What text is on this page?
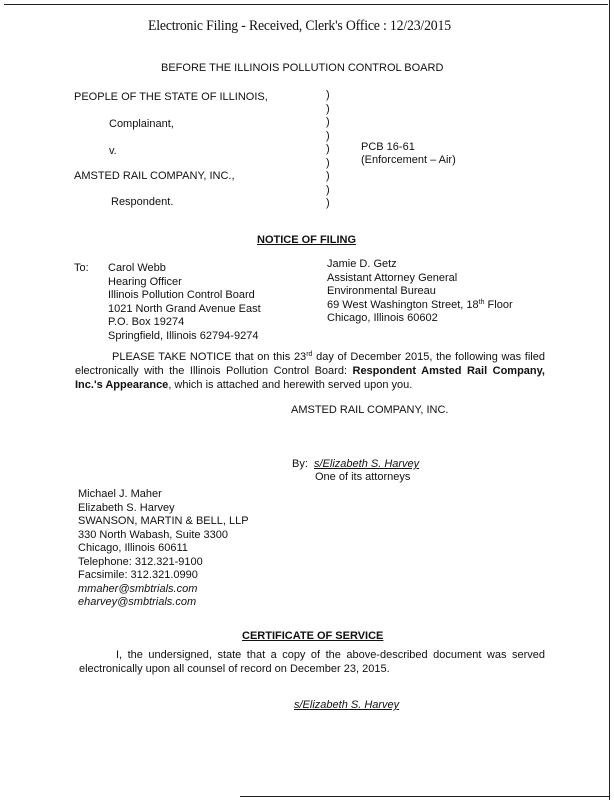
Electronic Filing - Received, Clerk's Office : 12/23/2015
BEFORE THE ILLINOIS POLLUTION CONTROL BOARD
PEOPLE OF THE STATE OF ILLINOIS,
Complainant,
v.
AMSTED RAIL COMPANY, INC.,
Respondent.
)
)
)
)
)
)
)
)
)
PCB 16-61
(Enforcement – Air)
NOTICE OF FILING
To: Carol Webb
Hearing Officer
Illinois Pollution Control Board
1021 North Grand Avenue East
P.O. Box 19274
Springfield, Illinois 62794-9274
Jamie D. Getz
Assistant Attorney General
Environmental Bureau
69 West Washington Street, 18th Floor
Chicago, Illinois 60602
PLEASE TAKE NOTICE that on this 23rd day of December 2015, the following was filed electronically with the Illinois Pollution Control Board: Respondent Amsted Rail Company, Inc.'s Appearance, which is attached and herewith served upon you.
AMSTED RAIL COMPANY, INC.
By: s/Elizabeth S. Harvey
One of its attorneys
Michael J. Maher
Elizabeth S. Harvey
SWANSON, MARTIN & BELL, LLP
330 North Wabash, Suite 3300
Chicago, Illinois 60611
Telephone: 312.321-9100
Facsimile: 312.321.0990
mmaher@smbtrials.com
eharvey@smbtrials.com
CERTIFICATE OF SERVICE
I, the undersigned, state that a copy of the above-described document was served electronically upon all counsel of record on December 23, 2015.
s/Elizabeth S. Harvey
